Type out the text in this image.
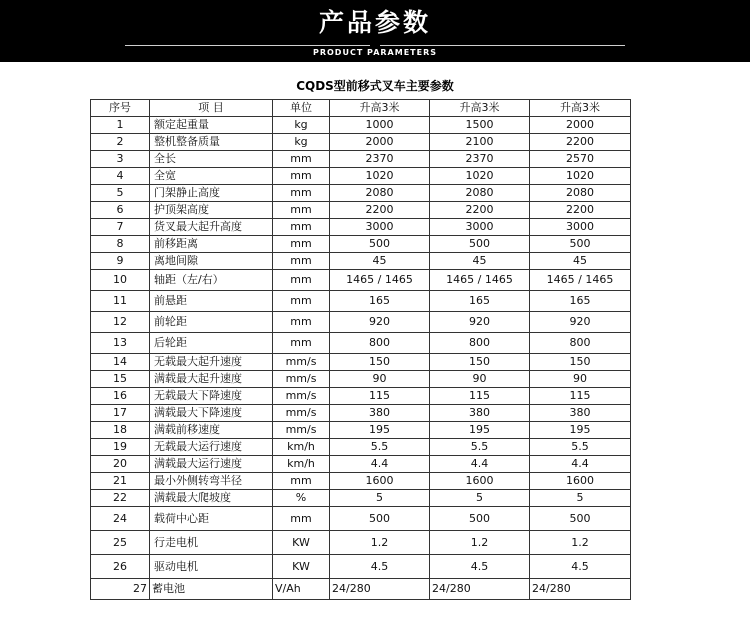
产品参数
PRODUCT PARAMETERS
CQDS型前移式叉车主要参数
序号	项 目	单位	升高3米	升高3米	升高3米
1	额定起重量	kg	1000	1500	2000
2	整机整备质量	kg	2000	2100	2200
3	全长	mm	2370	2370	2570
4	全宽	mm	1020	1020	1020
5	门架静止高度	mm	2080	2080	2080
6	护顶架高度	mm	2200	2200	2200
7	货叉最大起升高度	mm	3000	3000	3000
8	前移距离	mm	500	500	500
9	离地间隙	mm	45	45	45
10	轴距（左/右）	mm	1465 / 1465	1465 / 1465	1465 / 1465
11	前悬距	mm	165	165	165
12	前轮距	mm	920	920	920
13	后轮距	mm	800	800	800
14	无载最大起升速度	mm/s	150	150	150
15	满载最大起升速度	mm/s	90	90	90
16	无载最大下降速度	mm/s	115	115	115
17	满载最大下降速度	mm/s	380	380	380
18	满载前移速度	mm/s	195	195	195
19	无载最大运行速度	km/h	5.5	5.5	5.5
20	满载最大运行速度	km/h	4.4	4.4	4.4
21	最小外侧转弯半径	mm	1600	1600	1600
22	满载最大爬坡度	%	5	5	5
24	载荷中心距	mm	500	500	500
25	行走电机	KW	1.2	1.2	1.2
26	驱动电机	KW	4.5	4.5	4.5
27	蓄电池	V/Ah	24/280	24/280	24/280
